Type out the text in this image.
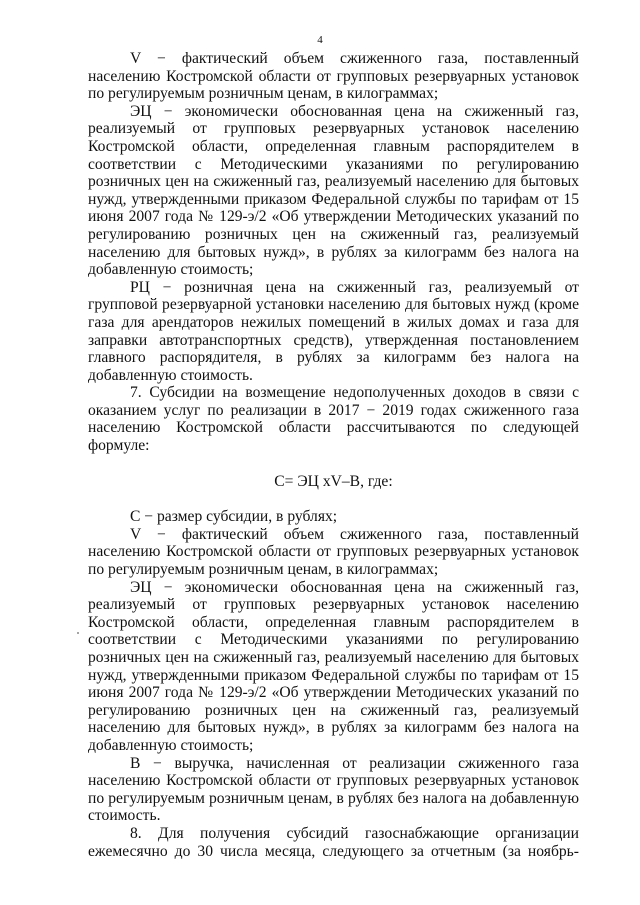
4

V − фактический объем сжиженного газа, поставленный населению Костромской области от групповых резервуарных установок по регулируемым розничным ценам, в килограммах;

ЭЦ − экономически обоснованная цена на сжиженный газ, реализуемый от групповых резервуарных установок населению Костромской области, определенная главным распорядителем в соответствии с Методическими указаниями по регулированию розничных цен на сжиженный газ, реализуемый населению для бытовых нужд, утвержденными приказом Федеральной службы по тарифам от 15 июня 2007 года № 129-э/2 «Об утверждении Методических указаний по регулированию розничных цен на сжиженный газ, реализуемый населению для бытовых нужд», в рублях за килограмм без налога на добавленную стоимость;

РЦ − розничная цена на сжиженный газ, реализуемый от групповой резервуарной установки населению для бытовых нужд (кроме газа для арендаторов нежилых помещений в жилых домах и газа для заправки автотранспортных средств), утвержденная постановлением главного распорядителя, в рублях за килограмм без налога на добавленную стоимость.

7. Субсидии на возмещение недополученных доходов в связи с оказанием услуг по реализации в 2017 − 2019 годах сжиженного газа населению Костромской области рассчитываются по следующей формуле:

С= ЭЦ хV–В, где:

С − размер субсидии, в рублях;

V − фактический объем сжиженного газа, поставленный населению Костромской области от групповых резервуарных установок по регулируемым розничным ценам, в килограммах;

ЭЦ − экономически обоснованная цена на сжиженный газ, реализуемый от групповых резервуарных установок населению Костромской области, определенная главным распорядителем в соответствии с Методическими указаниями по регулированию розничных цен на сжиженный газ, реализуемый населению для бытовых нужд, утвержденными приказом Федеральной службы по тарифам от 15 июня 2007 года № 129-э/2 «Об утверждении Методических указаний по регулированию розничных цен на сжиженный газ, реализуемый населению для бытовых нужд», в рублях за килограмм без налога на добавленную стоимость;

В − выручка, начисленная от реализации сжиженного газа населению Костромской области от групповых резервуарных установок по регулируемым розничным ценам, в рублях без налога на добавленную стоимость.

8. Для получения субсидий газоснабжающие организации ежемесячно до 30 числа месяца, следующего за отчетным (за ноябрь-
